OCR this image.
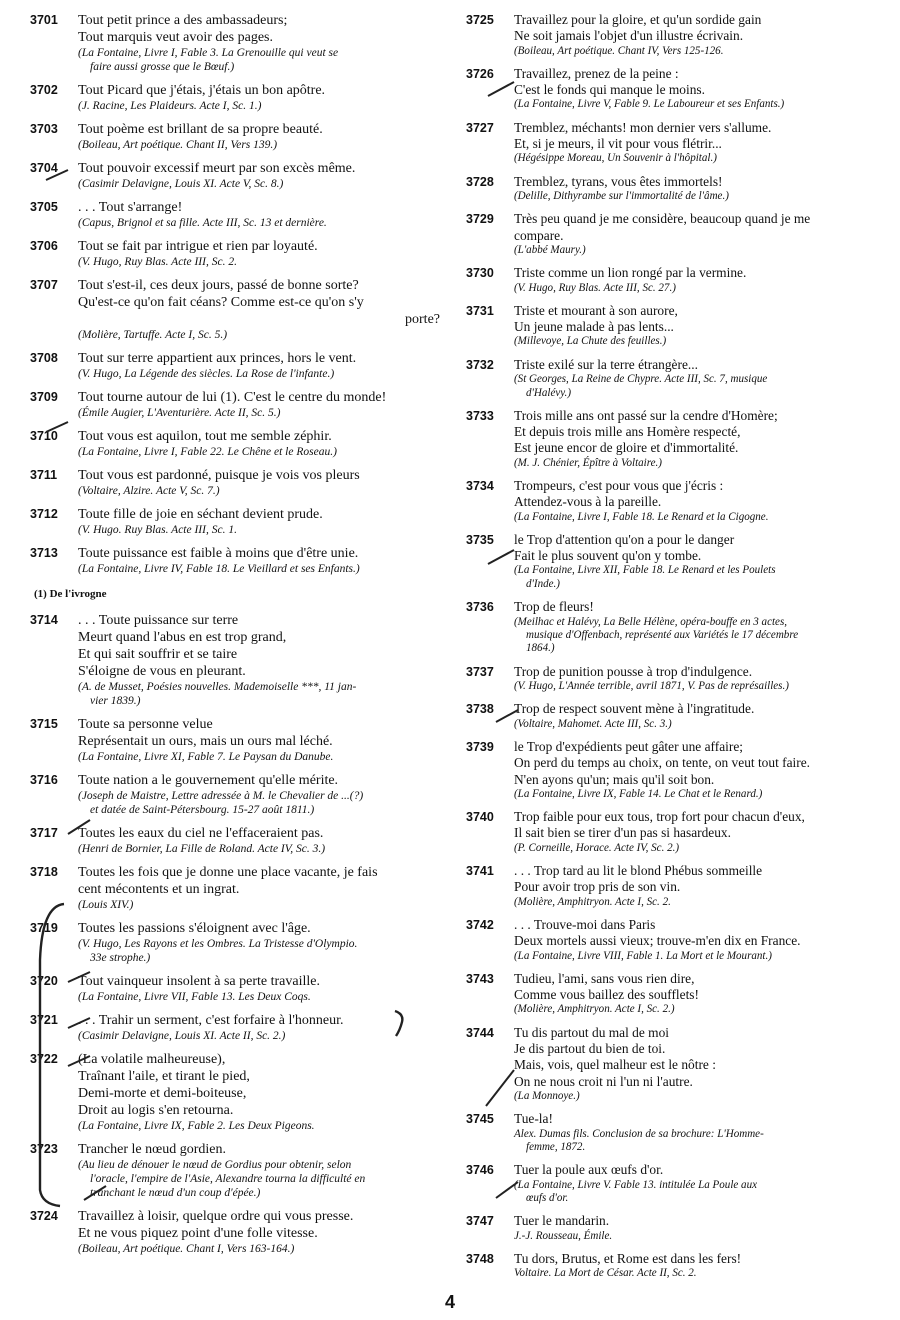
3701 Tout petit prince a des ambassadeurs;
Tout marquis veut avoir des pages.
(La Fontaine, Livre I, Fable 3. La Grenouille qui veut se
faire aussi grosse que le Bœuf.)
3702 Tout Picard que j'étais, j'étais un bon apôtre.
(J. Racine, Les Plaideurs. Acte I, Sc. 1.)
3703 Tout poème est brillant de sa propre beauté.
(Boileau, Art poétique. Chant II, Vers 139.)
3704 Tout pouvoir excessif meurt par son excès même.
(Casimir Delavigne, Louis XI. Acte V, Sc. 8.)
3705 . . . Tout s'arrange!
(Capus, Brignol et sa fille. Acte III, Sc. 13 et dernière.
3706 Tout se fait par intrigue et rien par loyauté.
(V. Hugo, Ruy Blas. Acte III, Sc. 2.
3707 Tout s'est-il, ces deux jours, passé de bonne sorte?
Qu'est-ce qu'on fait céans? Comme est-ce qu'on s'y
porte?
(Molière, Tartuffe. Acte I, Sc. 5.)
3708 Tout sur terre appartient aux princes, hors le vent.
(V. Hugo, La Légende des siècles. La Rose de l'infante.)
3709 Tout tourne autour de lui (1). C'est le centre du monde!
(Émile Augier, L'Aventurière. Acte II, Sc. 5.)
3710 Tout vous est aquilon, tout me semble zéphir.
(La Fontaine, Livre I, Fable 22. Le Chêne et le Roseau.)
3711 Tout vous est pardonné, puisque je vois vos pleurs
(Voltaire, Alzire. Acte V, Sc. 7.)
3712 Toute fille de joie en séchant devient prude.
(V. Hugo. Ruy Blas. Acte III, Sc. 1.
3713 Toute puissance est faible à moins que d'être unie.
(La Fontaine, Livre IV, Fable 18. Le Vieillard et ses Enfants.)
(1) De l'ivrogne
3714 . . . Toute puissance sur terre
Meurt quand l'abus en est trop grand,
Et qui sait souffrir et se taire
S'éloigne de vous en pleurant.
(A. de Musset, Poésies nouvelles. Mademoiselle ***, 11 jan-
vier 1839.)
3715 Toute sa personne velue
Représentait un ours, mais un ours mal léché.
(La Fontaine, Livre XI, Fable 7. Le Paysan du Danube.
3716 Toute nation a le gouvernement qu'elle mérite.
(Joseph de Maistre, Lettre adressée à M. le Chevalier de ...(?)
et datée de Saint-Pétersbourg. 15-27 août 1811.)
3717 Toutes les eaux du ciel ne l'effaceraient pas.
(Henri de Bornier, La Fille de Roland. Acte IV, Sc. 3.)
3718 Toutes les fois que je donne une place vacante, je fais
cent mécontents et un ingrat.
(Louis XIV.)
3719 Toutes les passions s'éloignent avec l'âge.
(V. Hugo, Les Rayons et les Ombres. La Tristesse d'Olympio.
33e strophe.)
3720 Tout vainqueur insolent à sa perte travaille.
(La Fontaine, Livre VII, Fable 13. Les Deux Coqs.
3721 . . . Trahir un serment, c'est forfaire à l'honneur.
(Casimir Delavigne, Louis XI. Acte II, Sc. 2.)
3722 (La volatile malheureuse),
Traînant l'aile, et tirant le pied,
Demi-morte et demi-boiteuse,
Droit au logis s'en retourna.
(La Fontaine, Livre IX, Fable 2. Les Deux Pigeons.
3723 Trancher le nœud gordien.
(Au lieu de dénouer le nœud de Gordius pour obtenir, selon
l'oracle, l'empire de l'Asie, Alexandre tourna la difficulté en
tranchant le nœud d'un coup d'épée.)
3724 Travaillez à loisir, quelque ordre qui vous presse.
Et ne vous piquez point d'une folle vitesse.
(Boileau, Art poétique. Chant I, Vers 163-164.)
3725 Travaillez pour la gloire, et qu'un sordide gain
Ne soit jamais l'objet d'un illustre écrivain.
(Boileau, Art poétique. Chant IV, Vers 125-126.
3726 Travaillez, prenez de la peine :
C'est le fonds qui manque le moins.
(La Fontaine, Livre V, Fable 9. Le Laboureur et ses Enfants.)
3727 Tremblez, méchants! mon dernier vers s'allume.
Et, si je meurs, il vit pour vous flétrir...
(Hégésippe Moreau, Un Souvenir à l'hôpital.)
3728 Tremblez, tyrans, vous êtes immortels!
(Delille, Dithyrambe sur l'immortalité de l'âme.)
3729 Très peu quand je me considère, beaucoup quand je me
compare.
(L'abbé Maury.)
3730 Triste comme un lion rongé par la vermine.
(V. Hugo, Ruy Blas. Acte III, Sc. 27.)
3731 Triste et mourant à son aurore,
Un jeune malade à pas lents...
(Millevoye, La Chute des feuilles.)
3732 Triste exilé sur la terre étrangère...
(St Georges, La Reine de Chypre. Acte III, Sc. 7, musique
d'Halévy.)
3733 Trois mille ans ont passé sur la cendre d'Homère;
Et depuis trois mille ans Homère respecté,
Est jeune encor de gloire et d'immortalité.
(M. J. Chénier, Épître à Voltaire.)
3734 Trompeurs, c'est pour vous que j'écris :
Attendez-vous à la pareille.
(La Fontaine, Livre I, Fable 18. Le Renard et la Cigogne.
3735 le Trop d'attention qu'on a pour le danger
Fait le plus souvent qu'on y tombe.
(La Fontaine, Livre XII, Fable 18. Le Renard et les Poulets
d'Inde.)
3736 Trop de fleurs!
(Meilhac et Halévy, La Belle Hélène, opéra-bouffe en 3 actes,
musique d'Offenbach, représenté aux Variétés le 17 décembre
1864.)
3737 Trop de punition pousse à trop d'indulgence.
(V. Hugo, L'Année terrible, avril 1871, V. Pas de représailles.)
3738 Trop de respect souvent mène à l'ingratitude.
(Voltaire, Mahomet. Acte III, Sc. 3.)
3739 le Trop d'expédients peut gâter une affaire;
On perd du temps au choix, on tente, on veut tout faire.
N'en ayons qu'un; mais qu'il soit bon.
(La Fontaine, Livre IX, Fable 14. Le Chat et le Renard.)
3740 Trop faible pour eux tous, trop fort pour chacun d'eux,
Il sait bien se tirer d'un pas si hasardeux.
(P. Corneille, Horace. Acte IV, Sc. 2.)
3741 . . . Trop tard au lit le blond Phébus sommeille
Pour avoir trop pris de son vin.
(Molière, Amphitryon. Acte I, Sc. 2.
3742 . . . Trouve-moi dans Paris
Deux mortels aussi vieux; trouve-m'en dix en France.
(La Fontaine, Livre VIII, Fable 1. La Mort et le Mourant.)
3743 Tudieu, l'ami, sans vous rien dire,
Comme vous baillez des soufflets!
(Molière, Amphitryon. Acte I, Sc. 2.)
3744 Tu dis partout du mal de moi
Je dis partout du bien de toi.
Mais, vois, quel malheur est le nôtre :
On ne nous croit ni l'un ni l'autre.
(La Monnoye.)
3745 Tue-la!
Alex. Dumas fils. Conclusion de sa brochure: L'Homme-
femme, 1872.
3746 Tuer la poule aux œufs d'or.
(La Fontaine, Livre V. Fable 13. intitulée La Poule aux
œufs d'or.
3747 Tuer le mandarin.
J.-J. Rousseau, Émile.
3748 Tu dors, Brutus, et Rome est dans les fers!
Voltaire. La Mort de César. Acte II, Sc. 2.
4
